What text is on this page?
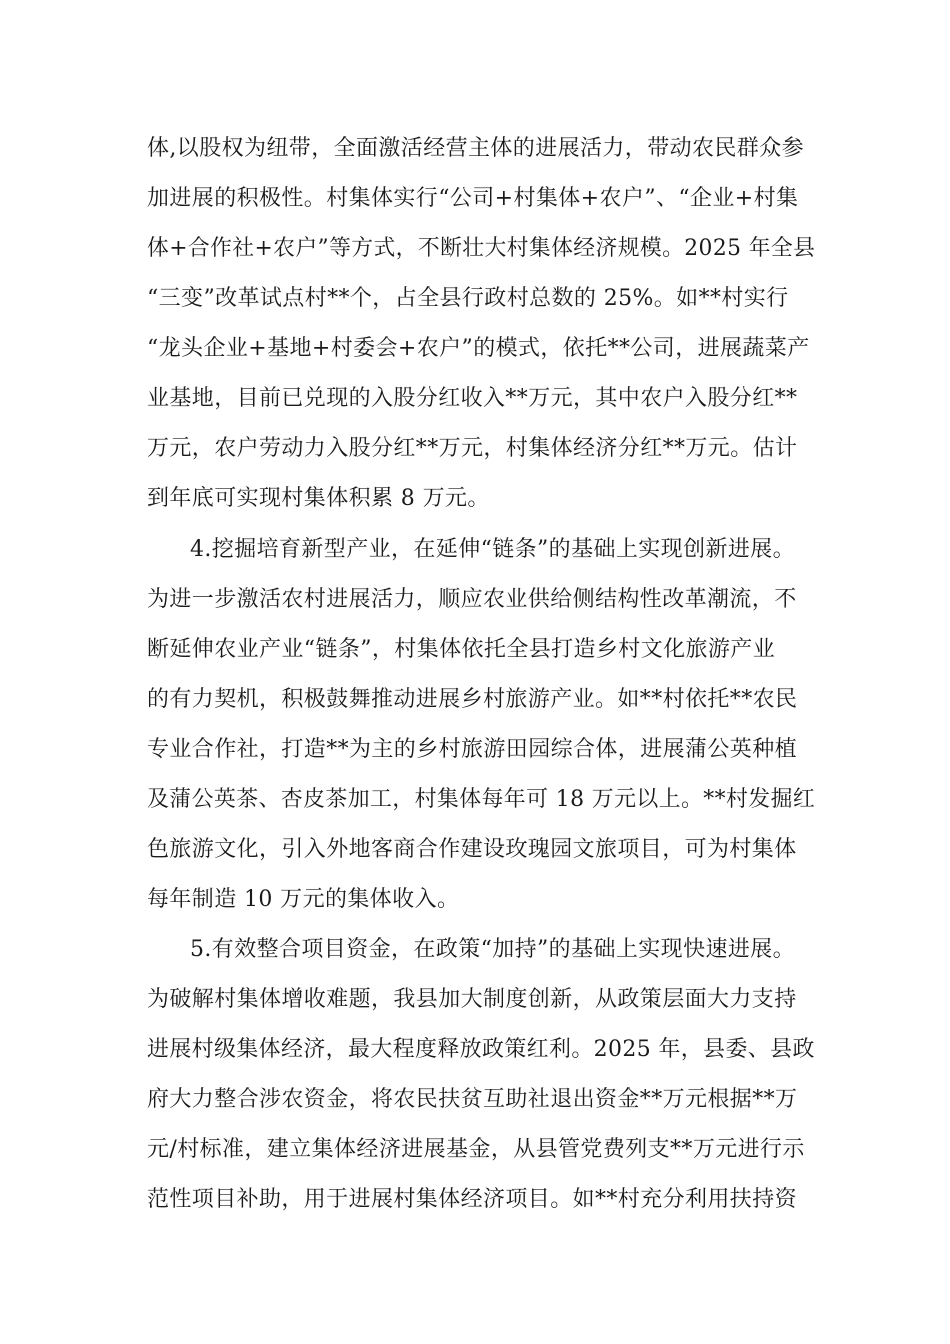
体,以股权为纽带，全面激活经营主体的进展活力，带动农民群众参
加进展的积极性。村集体实行“公司+村集体+农户”、“企业+村集
体+合作社+农户”等方式，不断壮大村集体经济规模。2025 年全县
“三变”改革试点村**个，占全县行政村总数的 25%。如**村实行
“龙头企业+基地+村委会+农户”的模式，依托**公司，进展蔬菜产
业基地，目前已兑现的入股分红收入**万元，其中农户入股分红**
万元，农户劳动力入股分红**万元，村集体经济分红**万元。估计
到年底可实现村集体积累 8 万元。
4.挖掘培育新型产业，在延伸“链条”的基础上实现创新进展。
为进一步激活农村进展活力，顺应农业供给侧结构性改革潮流，不
断延伸农业产业“链条”，村集体依托全县打造乡村文化旅游产业
的有力契机，积极鼓舞推动进展乡村旅游产业。如**村依托**农民
专业合作社，打造**为主的乡村旅游田园综合体，进展蒲公英种植
及蒲公英茶、杏皮茶加工，村集体每年可 18 万元以上。**村发掘红
色旅游文化，引入外地客商合作建设玫瑰园文旅项目，可为村集体
每年制造 10 万元的集体收入。
5.有效整合项目资金，在政策“加持”的基础上实现快速进展。
为破解村集体增收难题，我县加大制度创新，从政策层面大力支持
进展村级集体经济，最大程度释放政策红利。2025 年，县委、县政
府大力整合涉农资金，将农民扶贫互助社退出资金**万元根据**万
元/村标准，建立集体经济进展基金，从县管党费列支**万元进行示
范性项目补助，用于进展村集体经济项目。如**村充分利用扶持资
